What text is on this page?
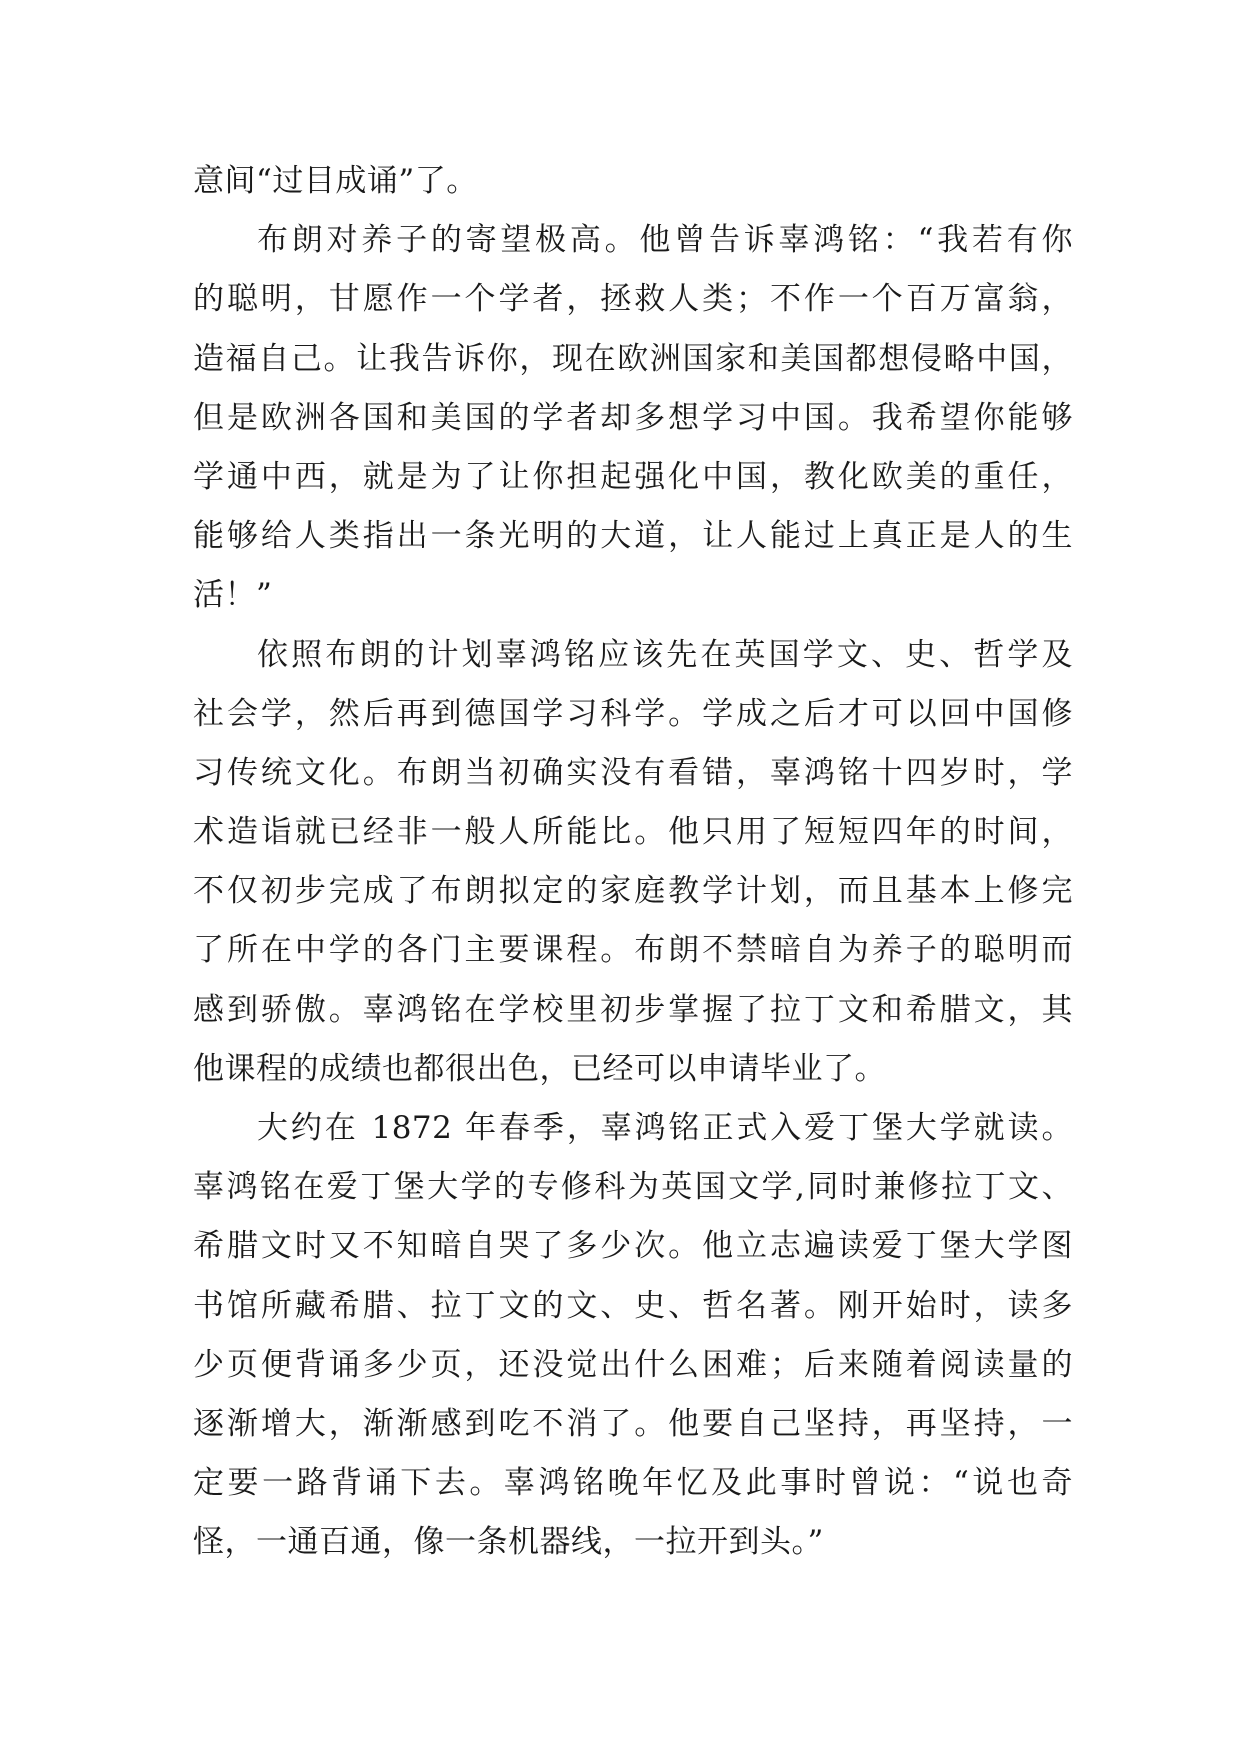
意间“过目成诵”了。
布朗对养子的寄望极高。他曾告诉辜鸿铭：“我若有你
的聪明，甘愿作一个学者，拯救人类；不作一个百万富翁，
造福自己。让我告诉你，现在欧洲国家和美国都想侵略中国，
但是欧洲各国和美国的学者却多想学习中国。我希望你能够
学通中西，就是为了让你担起强化中国，教化欧美的重任，
能够给人类指出一条光明的大道，让人能过上真正是人的生
活！”
依照布朗的计划辜鸿铭应该先在英国学文、史、哲学及
社会学，然后再到德国学习科学。学成之后才可以回中国修
习传统文化。布朗当初确实没有看错，辜鸿铭十四岁时，学
术造诣就已经非一般人所能比。他只用了短短四年的时间，
不仅初步完成了布朗拟定的家庭教学计划，而且基本上修完
了所在中学的各门主要课程。布朗不禁暗自为养子的聪明而
感到骄傲。辜鸿铭在学校里初步掌握了拉丁文和希腊文，其
他课程的成绩也都很出色，已经可以申请毕业了。
大约在 1872 年春季，辜鸿铭正式入爱丁堡大学就读。
辜鸿铭在爱丁堡大学的专修科为英国文学,同时兼修拉丁文、
希腊文时又不知暗自哭了多少次。他立志遍读爱丁堡大学图
书馆所藏希腊、拉丁文的文、史、哲名著。刚开始时，读多
少页便背诵多少页，还没觉出什么困难；后来随着阅读量的
逐渐增大，渐渐感到吃不消了。他要自己坚持，再坚持，一
定要一路背诵下去。辜鸿铭晚年忆及此事时曾说：“说也奇
怪，一通百通，像一条机器线，一拉开到头。”
